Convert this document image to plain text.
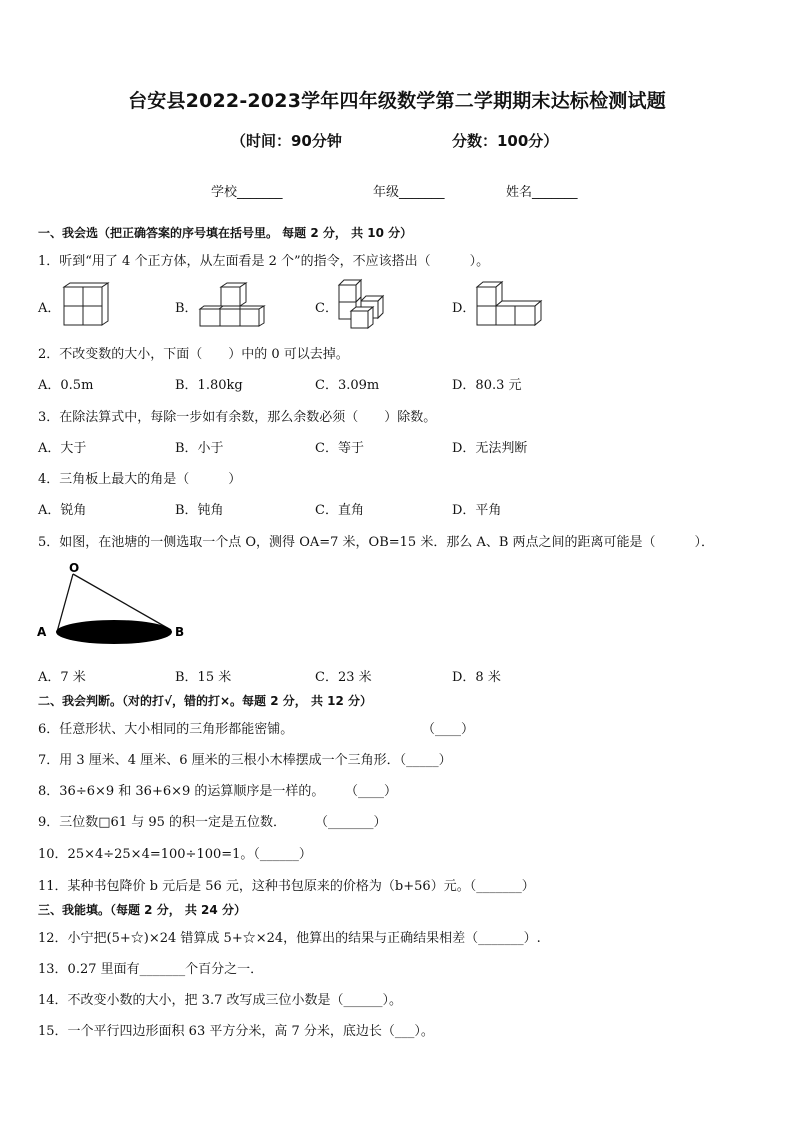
台安县2022-2023学年四年级数学第二学期期末达标检测试题
（时间：90分钟	分数：100分）
学校_______	年级_______	姓名_______
一、我会选（把正确答案的序号填在括号里。 每题 2 分， 共 10 分）
1．听到“用了 4 个正方体，从左面看是 2 个”的指令，不应该搭出（　　　）。
A．	B．	C．	D．
2．不改变数的大小，下面（　　）中的 0 可以去掉。
A．0.5m	B．1.80kg	C．3.09m	D．80.3 元
3．在除法算式中，每除一步如有余数，那么余数必须（　　）除数。
A．大于	B．小于	C．等于	D．无法判断
4．三角板上最大的角是（　　　）
A．锐角	B．钝角	C．直角	D．平角
5．如图，在池塘的一侧选取一个点 O，测得 OA=7 米，OB=15 米．那么 A、B 两点之间的距离可能是（　　　）．
O
A	B
A．7 米	B．15 米	C．23 米	D．8 米
二、我会判断。（对的打√，错的打×。每题 2 分， 共 12 分）
6．任意形状、大小相同的三角形都能密铺。	（____）
7．用 3 厘米、4 厘米、6 厘米的三根小木棒摆成一个三角形．（_____）
8．36÷6×9 和 36+6×9 的运算顺序是一样的。 （____）
9．三位数□61 与 95 的积一定是五位数． （_______）
10．25×4÷25×4=100÷100=1。（______）
11．某种书包降价 b 元后是 56 元，这种书包原来的价格为（b+56）元。（_______）
三、我能填。（每题 2 分， 共 24 分）
12．小宁把(5+☆)×24 错算成 5+☆×24，他算出的结果与正确结果相差（_______）.
13．0.27 里面有_______个百分之一．
14．不改变小数的大小，把 3.7 改写成三位小数是（______）。
15．一个平行四边形面积 63 平方分米，高 7 分米，底边长（___）。
